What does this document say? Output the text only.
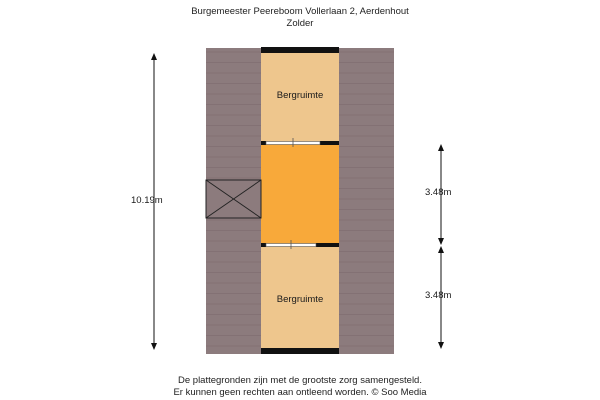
Burgemeester Peereboom Vollerlaan 2, Aerdenhout
Zolder
Bergruimte
Bergruimte
10.19m
3.48m
3.48m
De plattegronden zijn met de grootste zorg samengesteld.
Er kunnen geen rechten aan ontleend worden. © Soo Media
